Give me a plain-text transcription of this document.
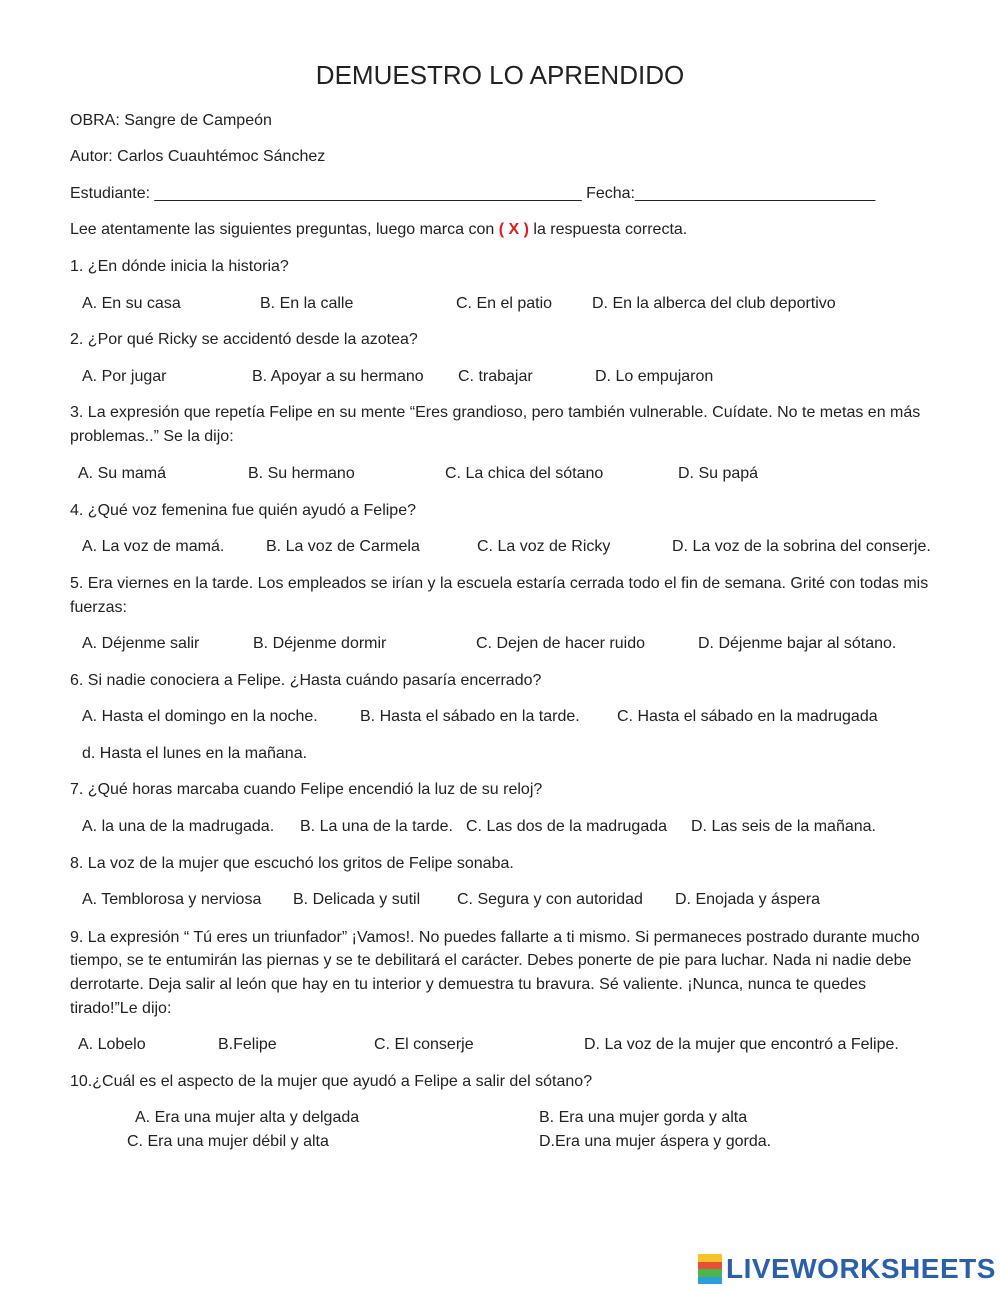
DEMUESTRO LO APRENDIDO
OBRA: Sangre de Campeón
Autor: Carlos Cuauhtémoc Sánchez
Estudiante: ________________________________________________ Fecha:___________________________
Lee atentamente las siguientes preguntas, luego marca con ( X ) la respuesta correcta.
1. ¿En dónde inicia la historia?
A. En su casa	B. En la calle	C. En el patio D. En la alberca del club deportivo
2. ¿Por qué Ricky se accidentó desde la azotea?
A. Por jugar	B. Apoyar a su hermano C. trabajar	D. Lo empujaron
3. La expresión que repetía Felipe en su mente “Eres grandioso, pero también vulnerable. Cuídate. No te metas en más
problemas..” Se la dijo:
A. Su mamá	B. Su hermano	C. La chica del sótano	D. Su papá
4. ¿Qué voz femenina fue quién ayudó a Felipe?
A. La voz de mamá.	B. La voz de Carmela	C. La voz de Ricky	D. La voz de la sobrina del conserje.
5. Era viernes en la tarde. Los empleados se irían y la escuela estaría cerrada todo el fin de semana. Grité con todas mis
fuerzas:
A. Déjenme salir	B. Déjenme dormir	C. Dejen de hacer ruido	D. Déjenme bajar al sótano.
6. Si nadie conociera a Felipe. ¿Hasta cuándo pasaría encerrado?
A. Hasta el domingo en la noche.	B. Hasta el sábado en la tarde. C. Hasta el sábado en la madrugada
d. Hasta el lunes en la mañana.
7. ¿Qué horas marcaba cuando Felipe encendió la luz de su reloj?
A. la una de la madrugada. B. La una de la tarde. C. Las dos de la madrugada D. Las seis de la mañana.
8. La voz de la mujer que escuchó los gritos de Felipe sonaba.
A. Temblorosa y nerviosa B. Delicada y sutil C. Segura y con autoridad D. Enojada y áspera
9. La expresión “ Tú eres un triunfador” ¡Vamos!. No puedes fallarte a ti mismo. Si permaneces postrado durante mucho
tiempo, se te entumirán las piernas y se te debilitará el carácter. Debes ponerte de pie para luchar. Nada ni nadie debe
derrotarte. Deja salir al león que hay en tu interior y demuestra tu bravura. Sé valiente. ¡Nunca, nunca te quedes
tirado!”Le dijo:
A. Lobelo	B.Felipe	C. El conserje	D. La voz de la mujer que encontró a Felipe.
10.¿Cuál es el aspecto de la mujer que ayudó a Felipe a salir del sótano?
A. Era una mujer alta y delgada	B. Era una mujer gorda y alta
C. Era una mujer débil y alta	D.Era una mujer áspera y gorda.
LIVEWORKSHEETS
